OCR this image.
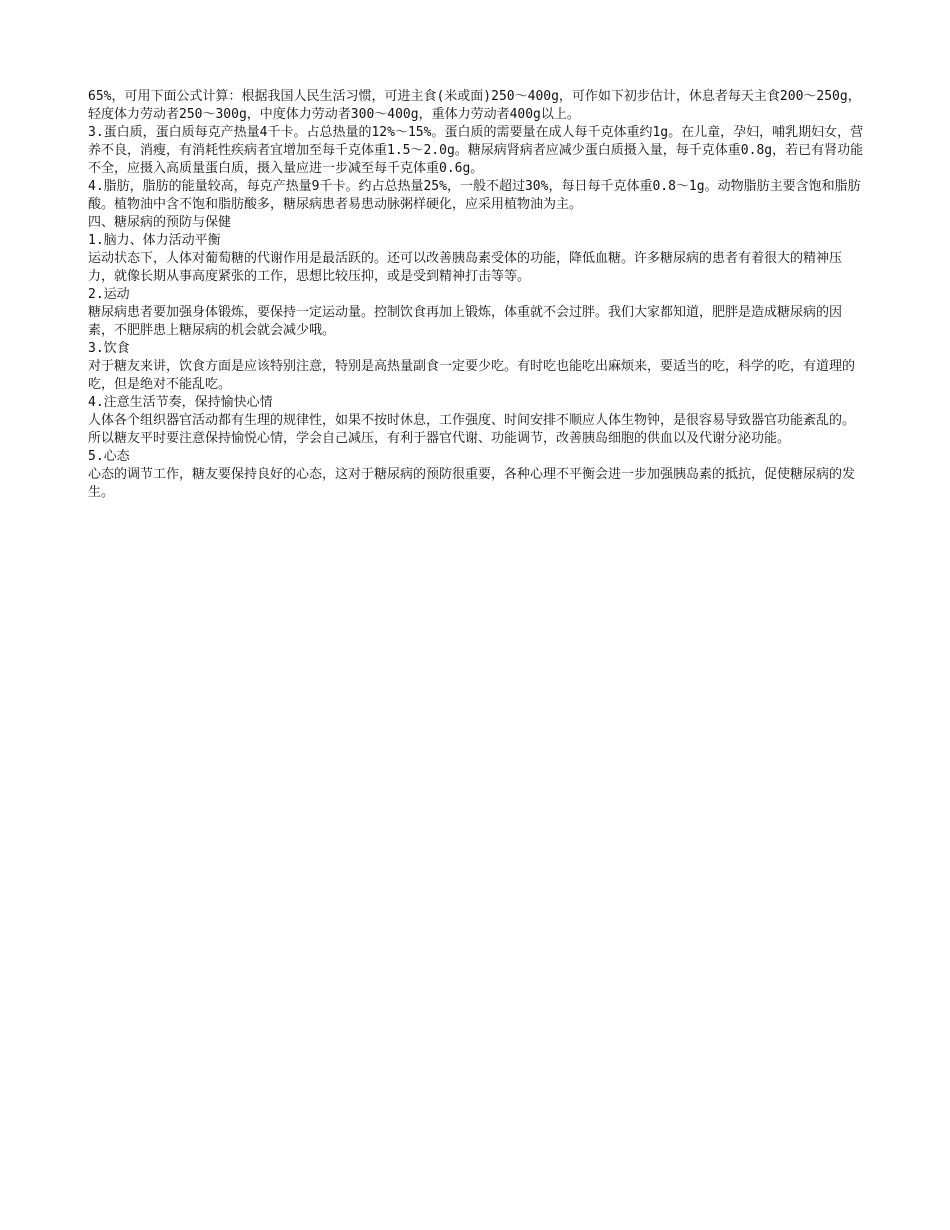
65%，可用下面公式计算：根据我国人民生活习惯，可进主食(米或面)250～400g，可作如下初步估计，休息者每天主食200～250g，轻度体力劳动者250～300g，中度体力劳动者300～400g，重体力劳动者400g以上。

3.蛋白质，蛋白质每克产热量4千卡。占总热量的12%～15%。蛋白质的需要量在成人每千克体重约1g。在儿童，孕妇，哺乳期妇女，营养不良，消瘦，有消耗性疾病者宜增加至每千克体重1.5～2.0g。糖尿病肾病者应减少蛋白质摄入量，每千克体重0.8g，若已有肾功能不全，应摄入高质量蛋白质，摄入量应进一步减至每千克体重0.6g。

4.脂肪，脂肪的能量较高，每克产热量9千卡。约占总热量25%，一般不超过30%，每日每千克体重0.8～1g。动物脂肪主要含饱和脂肪酸。植物油中含不饱和脂肪酸多，糖尿病患者易患动脉粥样硬化，应采用植物油为主。

四、糖尿病的预防与保健

1.脑力、体力活动平衡

运动状态下，人体对葡萄糖的代谢作用是最活跃的。还可以改善胰岛素受体的功能，降低血糖。许多糖尿病的患者有着很大的精神压力，就像长期从事高度紧张的工作，思想比较压抑，或是受到精神打击等等。

2.运动

糖尿病患者要加强身体锻炼，要保持一定运动量。控制饮食再加上锻炼，体重就不会过胖。我们大家都知道，肥胖是造成糖尿病的因素，不肥胖患上糖尿病的机会就会减少哦。

3.饮食

对于糖友来讲，饮食方面是应该特别注意，特别是高热量副食一定要少吃。有时吃也能吃出麻烦来，要适当的吃，科学的吃，有道理的吃，但是绝对不能乱吃。

4.注意生活节奏，保持愉快心情

人体各个组织器官活动都有生理的规律性，如果不按时休息，工作强度、时间安排不顺应人体生物钟，是很容易导致器官功能紊乱的。所以糖友平时要注意保持愉悦心情，学会自己减压，有利于器官代谢、功能调节，改善胰岛细胞的供血以及代谢分泌功能。

5.心态

心态的调节工作，糖友要保持良好的心态，这对于糖尿病的预防很重要，各种心理不平衡会进一步加强胰岛素的抵抗，促使糖尿病的发生。
